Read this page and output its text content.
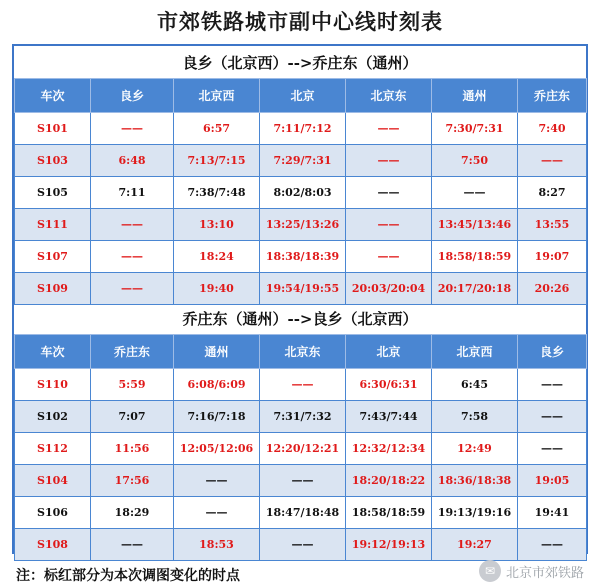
市郊铁路城市副中心线时刻表
良乡（北京西）-->乔庄东（通州）
车次	良乡	北京西	北京	北京东	通州	乔庄东
S101	——	6:57	7:11/7:12	——	7:30/7:31	7:40
S103	6:48	7:13/7:15	7:29/7:31	——	7:50	——
S105	7:11	7:38/7:48	8:02/8:03	——	——	8:27
S111	——	13:10	13:25/13:26	——	13:45/13:46	13:55
S107	——	18:24	18:38/18:39	——	18:58/18:59	19:07
S109	——	19:40	19:54/19:55	20:03/20:04	20:17/20:18	20:26
乔庄东（通州）-->良乡（北京西）
车次	乔庄东	通州	北京东	北京	北京西	良乡
S110	5:59	6:08/6:09	——	6:30/6:31	6:45	——
S102	7:07	7:16/7:18	7:31/7:32	7:43/7:44	7:58	——
S112	11:56	12:05/12:06	12:20/12:21	12:32/12:34	12:49	——
S104	17:56	——	——	18:20/18:22	18:36/18:38	19:05
S106	18:29	——	18:47/18:48	18:58/18:59	19:13/19:16	19:41
S108	——	18:53	——	19:12/19:13	19:27	——
注：标红部分为本次调图变化的时点	✉ 北京市郊铁路
